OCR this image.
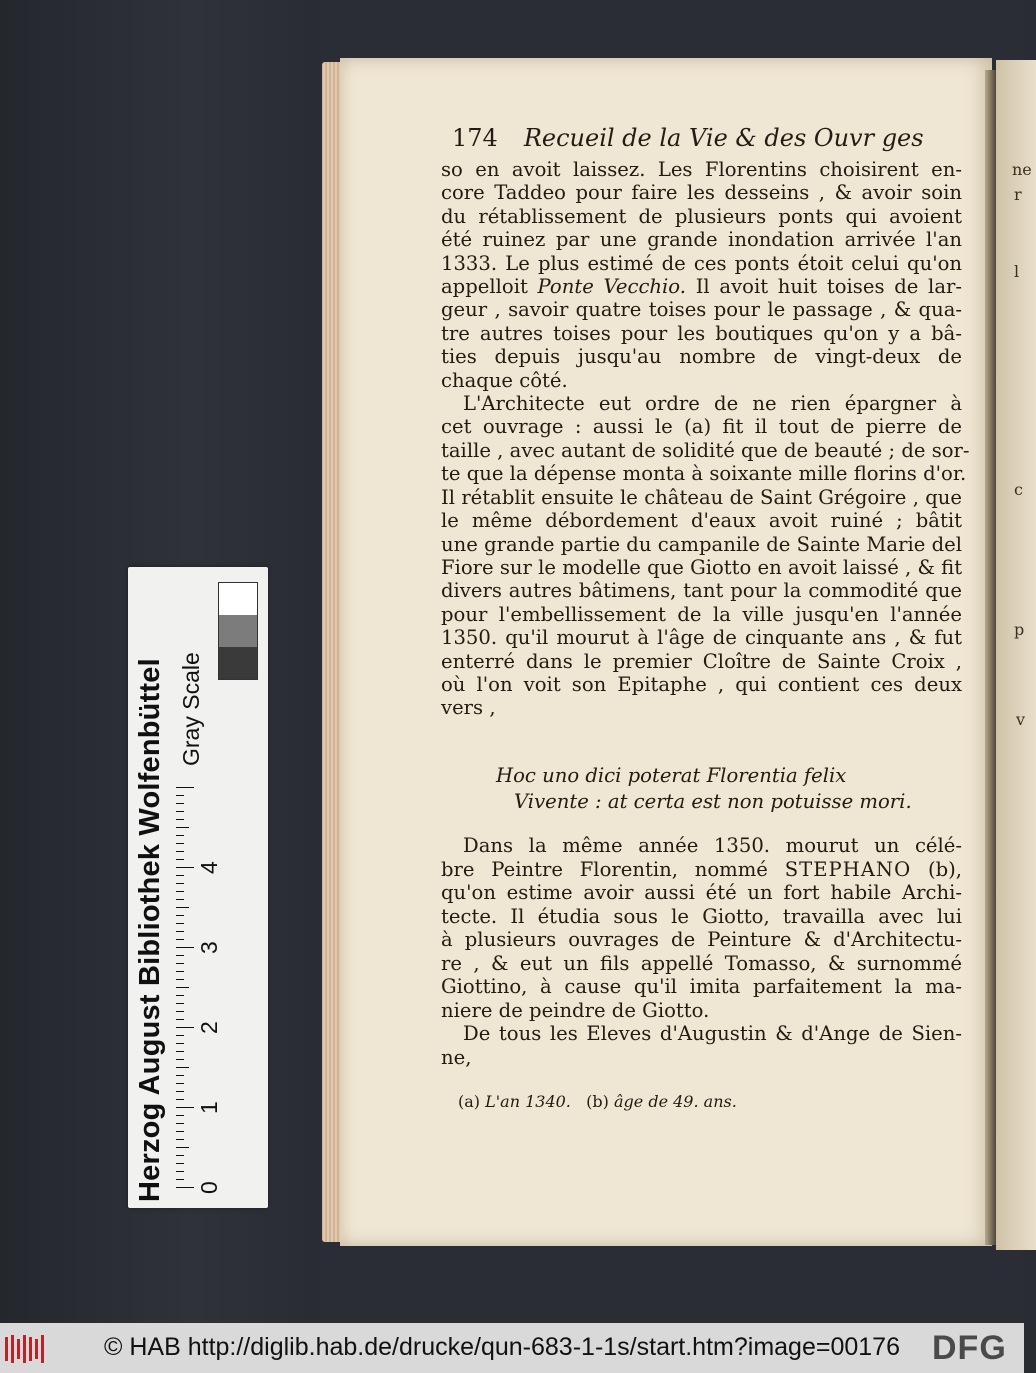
174 Recueil de la Vie & des Ouvr ges
so en avoit laissez. Les Florentins choisirent en-
core Taddeo pour faire les desseins , & avoir soin
du rétablissement de plusieurs ponts qui avoient
été ruinez par une grande inondation arrivée l'an
1333. Le plus estimé de ces ponts étoit celui qu'on
appelloit Ponte Vecchio. Il avoit huit toises de lar-
geur , savoir quatre toises pour le passage , & qua-
tre autres toises pour les boutiques qu'on y a bâ-
ties depuis jusqu'au nombre de vingt-deux de
chaque côté.
L'Architecte eut ordre de ne rien épargner à
cet ouvrage : aussi le (a) fit il tout de pierre de
taille , avec autant de solidité que de beauté ; de sor-
te que la dépense monta à soixante mille florins d'or.
Il rétablit ensuite le château de Saint Grégoire , que
le même débordement d'eaux avoit ruiné ; bâtit
une grande partie du campanile de Sainte Marie del
Fiore sur le modelle que Giotto en avoit laissé , & fit
divers autres bâtimens, tant pour la commodité que
pour l'embellissement de la ville jusqu'en l'année
1350. qu'il mourut à l'âge de cinquante ans , & fut
enterré dans le premier Cloître de Sainte Croix ,
où l'on voit son Epitaphe , qui contient ces deux
vers ,
Hoc uno dici poterat Florentia felix
Vivente : at certa est non potuisse mori.
Dans la même année 1350. mourut un célé-
bre Peintre Florentin, nommé STEPHANO (b),
qu'on estime avoir aussi été un fort habile Archi-
tecte. Il étudia sous le Giotto, travailla avec lui
à plusieurs ouvrages de Peinture & d'Architectu-
re , & eut un fils appellé Tomasso, & surnommé
Giottino, à cause qu'il imita parfaitement la ma-
niere de peindre de Giotto.
De tous les Eleves d'Augustin & d'Ange de Sien-
ne,
(a) L'an 1340. (b) âge de 49. ans.
Herzog August Bibliothek Wolfenbüttel 0
1
2
3
4
Gray Scale
ne
r
l
c
p
v
© HAB http://diglib.hab.de/drucke/qun-683-1-1s/start.htm?image=00176 DFG
